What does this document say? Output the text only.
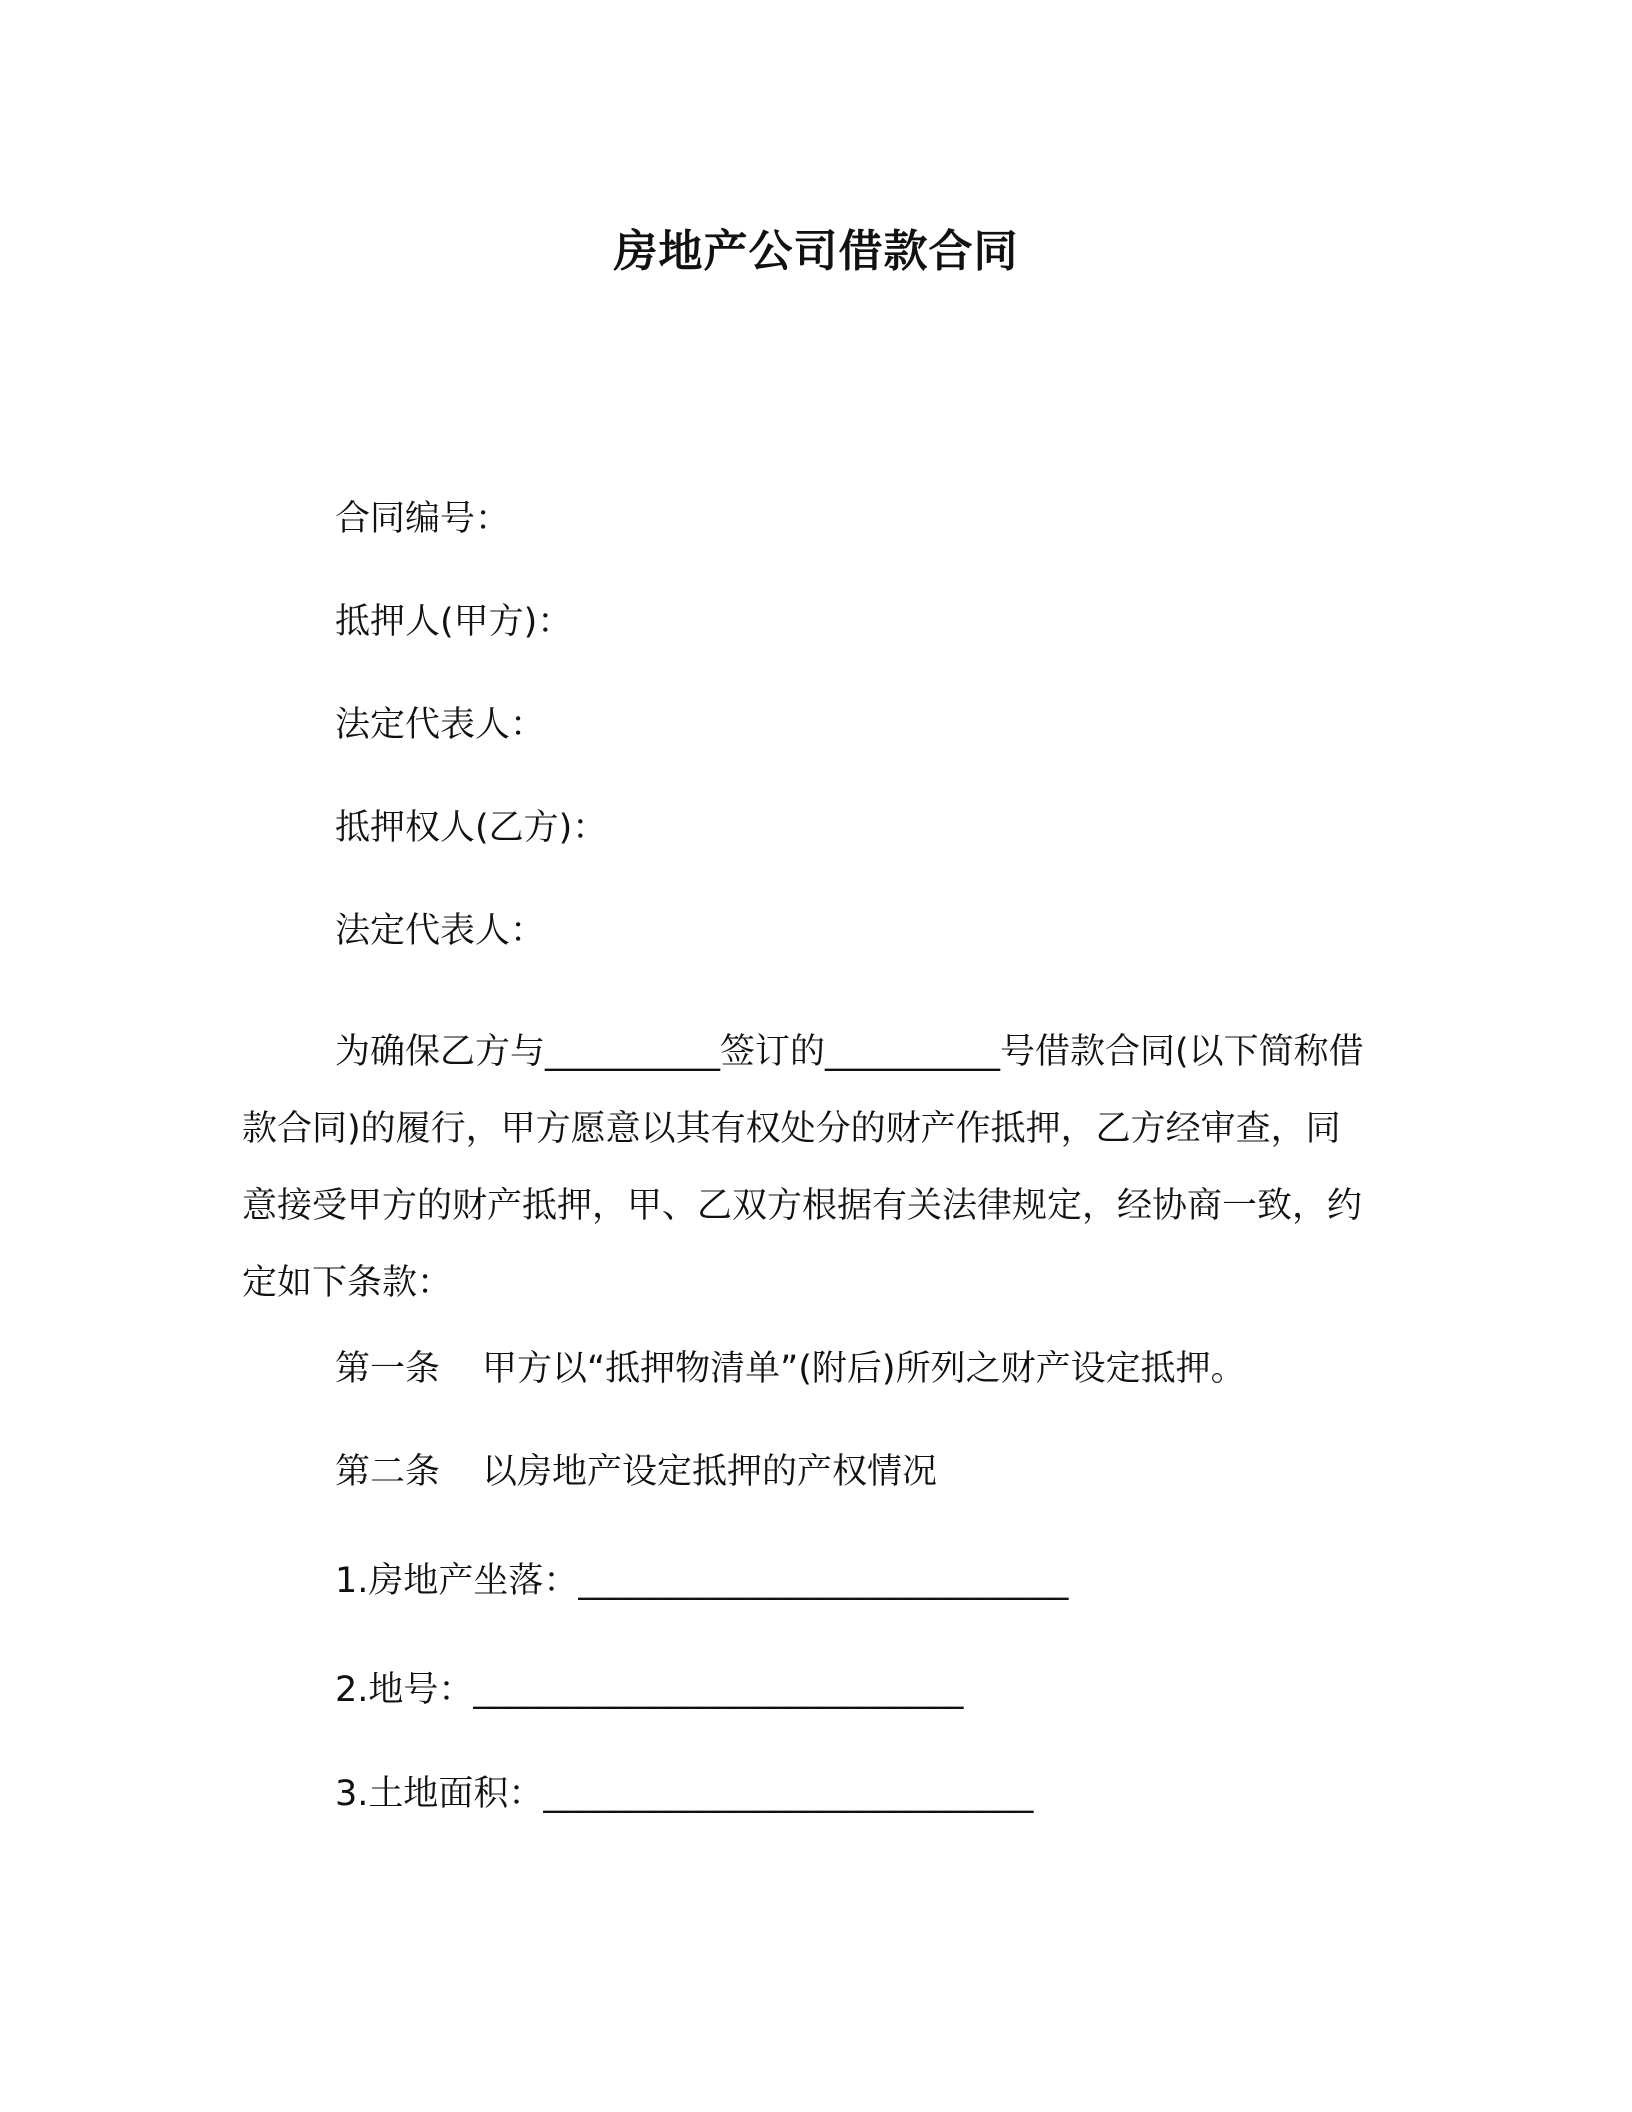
房地产公司借款合同
合同编号：
抵押人(甲方)：
法定代表人：
抵押权人(乙方)：
法定代表人：
为确保乙方与__________签订的__________号借款合同(以下简称借款合同)的履行，甲方愿意以其有权处分的财产作抵押，乙方经审查，同意接受甲方的财产抵押，甲、乙双方根据有关法律规定，经协商一致，约定如下条款：
第一条 甲方以“抵押物清单”(附后)所列之财产设定抵押。
第二条 以房地产设定抵押的产权情况
1.房地产坐落：____________________________
2.地号：____________________________
3.土地面积：____________________________
